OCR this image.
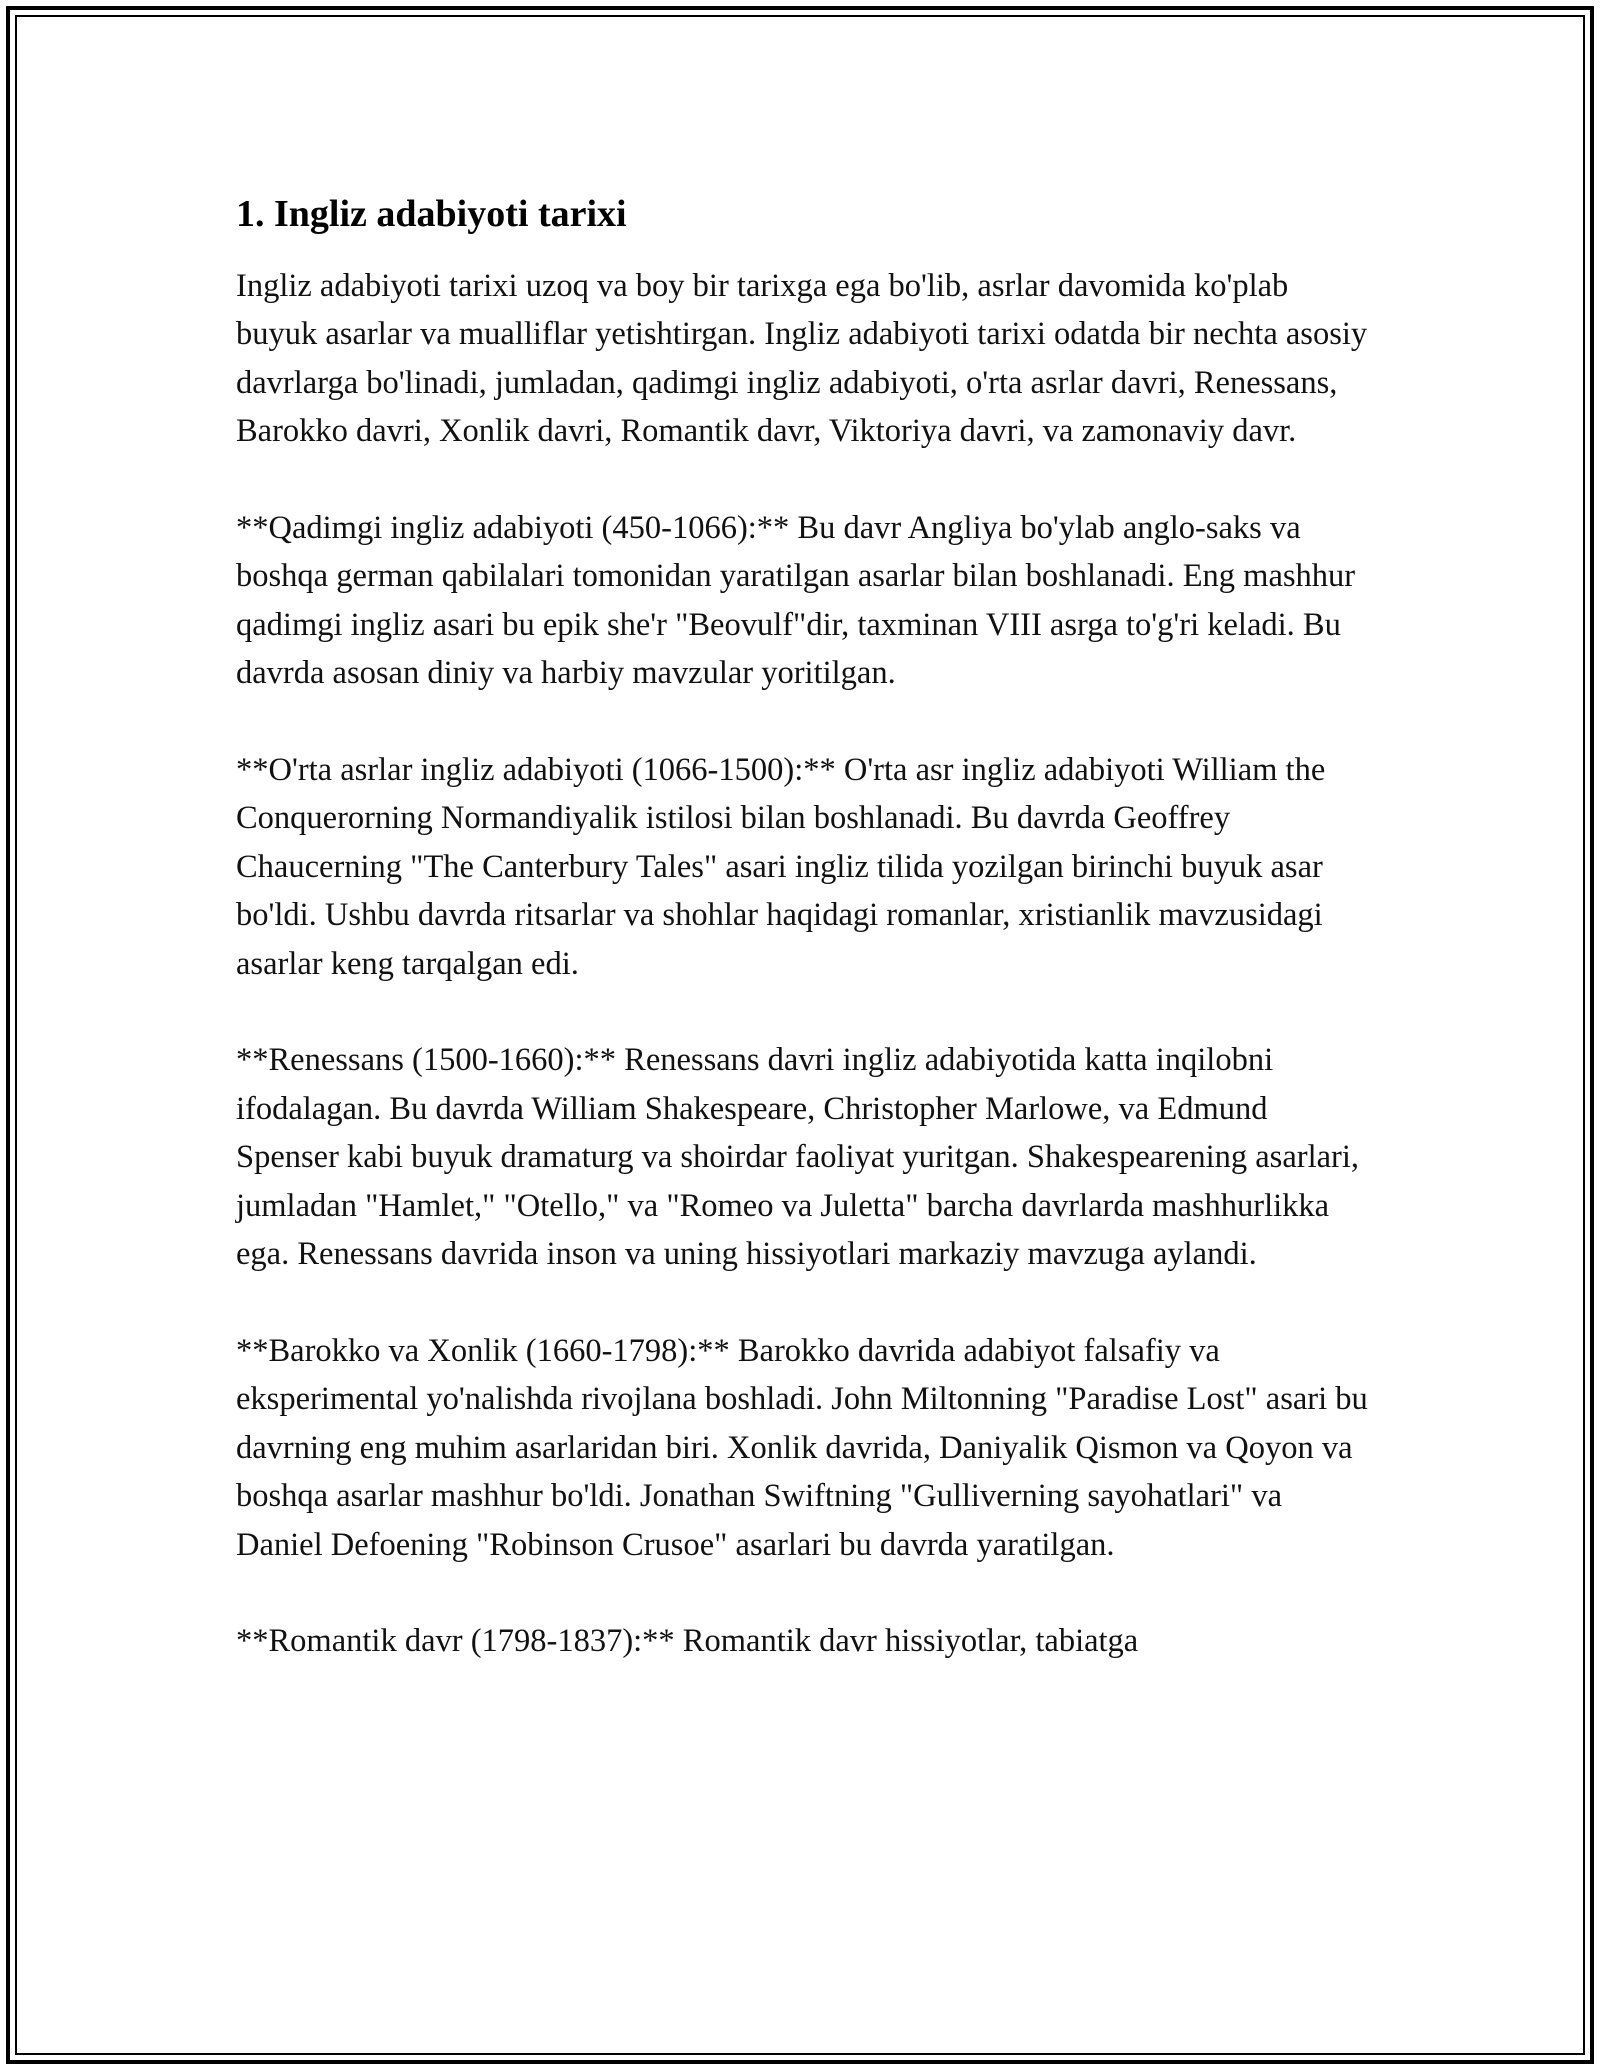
1. Ingliz adabiyoti tarixi

Ingliz adabiyoti tarixi uzoq va boy bir tarixga ega bo'lib, asrlar davomida ko'plab buyuk asarlar va mualliflar yetishtirgan. Ingliz adabiyoti tarixi odatda bir nechta asosiy davrlarga bo'linadi, jumladan, qadimgi ingliz adabiyoti, o'rta asrlar davri, Renessans, Barokko davri, Xonlik davri, Romantik davr, Viktoriya davri, va zamonaviy davr.

**Qadimgi ingliz adabiyoti (450-1066):** Bu davr Angliya bo'ylab anglo-saks va boshqa german qabilalari tomonidan yaratilgan asarlar bilan boshlanadi. Eng mashhur qadimgi ingliz asari bu epik she'r "Beovulf"dir, taxminan VIII asrga to'g'ri keladi. Bu davrda asosan diniy va harbiy mavzular yoritilgan.

**O'rta asrlar ingliz adabiyoti (1066-1500):** O'rta asr ingliz adabiyoti William the Conquerorning Normandiyalik istilosi bilan boshlanadi. Bu davrda Geoffrey Chaucerning "The Canterbury Tales" asari ingliz tilida yozilgan birinchi buyuk asar bo'ldi. Ushbu davrda ritsarlar va shohlar haqidagi romanlar, xristianlik mavzusidagi asarlar keng tarqalgan edi.

**Renessans (1500-1660):** Renessans davri ingliz adabiyotida katta inqilobni ifodalagan. Bu davrda William Shakespeare, Christopher Marlowe, va Edmund Spenser kabi buyuk dramaturg va shoirdar faoliyat yuritgan. Shakespearening asarlari, jumladan "Hamlet," "Otello," va "Romeo va Juletta" barcha davrlarda mashhurlikka ega. Renessans davrida inson va uning hissiyotlari markaziy mavzuga aylandi.

**Barokko va Xonlik (1660-1798):** Barokko davrida adabiyot falsafiy va eksperimental yo'nalishda rivojlana boshladi. John Miltonning "Paradise Lost" asari bu davrning eng muhim asarlaridan biri. Xonlik davrida, Daniyalik Qismon va Qoyon va boshqa asarlar mashhur bo'ldi. Jonathan Swiftning "Gulliverning sayohatlari" va Daniel Defoening "Robinson Crusoe" asarlari bu davrda yaratilgan.

**Romantik davr (1798-1837):** Romantik davr hissiyotlar, tabiatga
